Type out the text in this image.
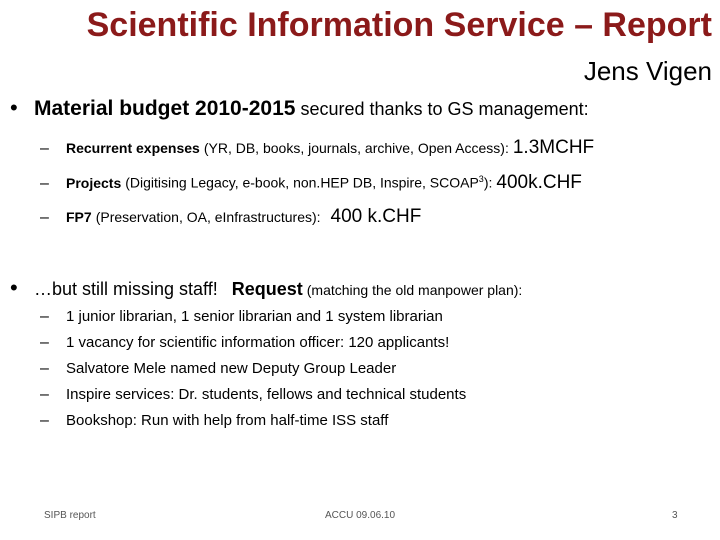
Scientific Information Service – Report
Jens Vigen
• Material budget 2010-2015 secured thanks to GS management:
–	Recurrent expenses (YR, DB, books, journals, archive, Open Access): 1.3MCHF
–	Projects (Digitising Legacy, e-book, non.HEP DB, Inspire, SCOAP$^3$): 400k.CHF
–	FP7 (Preservation, OA, eInfrastructures): 400 k.CHF
• …but still missing staff! Request (matching the old manpower plan):
–	1 junior librarian, 1 senior librarian and 1 system librarian
–	1 vacancy for scientific information officer: 120 applicants!
–	Salvatore Mele named new Deputy Group Leader
–	Inspire services: Dr. students, fellows and technical students
–	Bookshop: Run with help from half-time ISS staff
SIPB report	ACCU 09.06.10	3
